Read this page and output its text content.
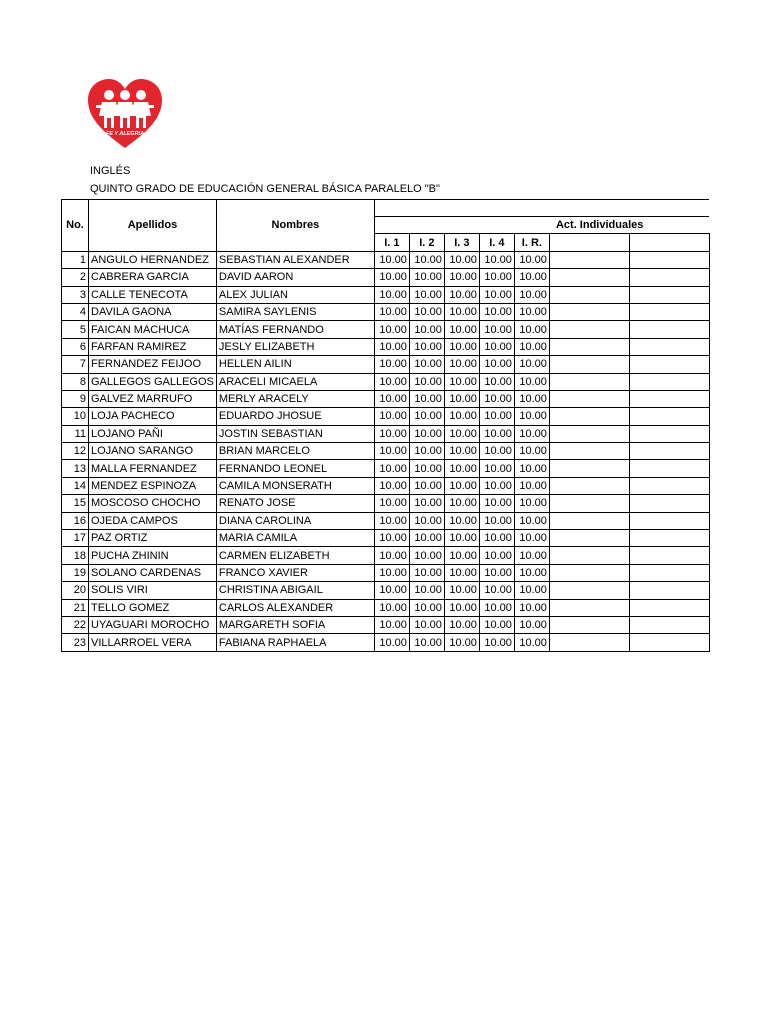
FE Y ALEGRIA
INGLÉS
QUINTO GRADO DE EDUCACIÓN GENERAL BÁSICA PARALELO "B"
No.	Apellidos	Nombres							
			Act. Individuales						
			I. 1	I. 2	I. 3	I. 4	I. R.		
1	ANGULO HERNANDEZ	SEBASTIAN ALEXANDER	10.00	10.00	10.00	10.00	10.00		
2	CABRERA GARCIA	DAVID AARON	10.00	10.00	10.00	10.00	10.00		
3	CALLE TENECOTA	ALEX JULIAN	10.00	10.00	10.00	10.00	10.00		
4	DAVILA GAONA	SAMIRA SAYLENIS	10.00	10.00	10.00	10.00	10.00		
5	FAICAN MACHUCA	MATÍAS FERNANDO	10.00	10.00	10.00	10.00	10.00		
6	FARFAN RAMIREZ	JESLY ELIZABETH	10.00	10.00	10.00	10.00	10.00		
7	FERNANDEZ FEIJOO	HELLEN AILIN	10.00	10.00	10.00	10.00	10.00		
8	GALLEGOS GALLEGOS	ARACELI MICAELA	10.00	10.00	10.00	10.00	10.00		
9	GALVEZ MARRUFO	MERLY ARACELY	10.00	10.00	10.00	10.00	10.00		
10	LOJA PACHECO	EDUARDO JHOSUE	10.00	10.00	10.00	10.00	10.00		
11	LOJANO PAÑI	JOSTIN SEBASTIAN	10.00	10.00	10.00	10.00	10.00		
12	LOJANO SARANGO	BRIAN MARCELO	10.00	10.00	10.00	10.00	10.00		
13	MALLA FERNANDEZ	FERNANDO LEONEL	10.00	10.00	10.00	10.00	10.00		
14	MENDEZ ESPINOZA	CAMILA MONSERATH	10.00	10.00	10.00	10.00	10.00		
15	MOSCOSO CHOCHO	RENATO JOSE	10.00	10.00	10.00	10.00	10.00		
16	OJEDA CAMPOS	DIANA CAROLINA	10.00	10.00	10.00	10.00	10.00		
17	PAZ ORTIZ	MARIA CAMILA	10.00	10.00	10.00	10.00	10.00		
18	PUCHA ZHININ	CARMEN ELIZABETH	10.00	10.00	10.00	10.00	10.00		
19	SOLANO CARDENAS	FRANCO XAVIER	10.00	10.00	10.00	10.00	10.00		
20	SOLIS VIRI	CHRISTINA ABIGAIL	10.00	10.00	10.00	10.00	10.00		
21	TELLO GOMEZ	CARLOS ALEXANDER	10.00	10.00	10.00	10.00	10.00		
22	UYAGUARI MOROCHO	MARGARETH SOFIA	10.00	10.00	10.00	10.00	10.00		
23	VILLARROEL VERA	FABIANA RAPHAELA	10.00	10.00	10.00	10.00	10.00		
